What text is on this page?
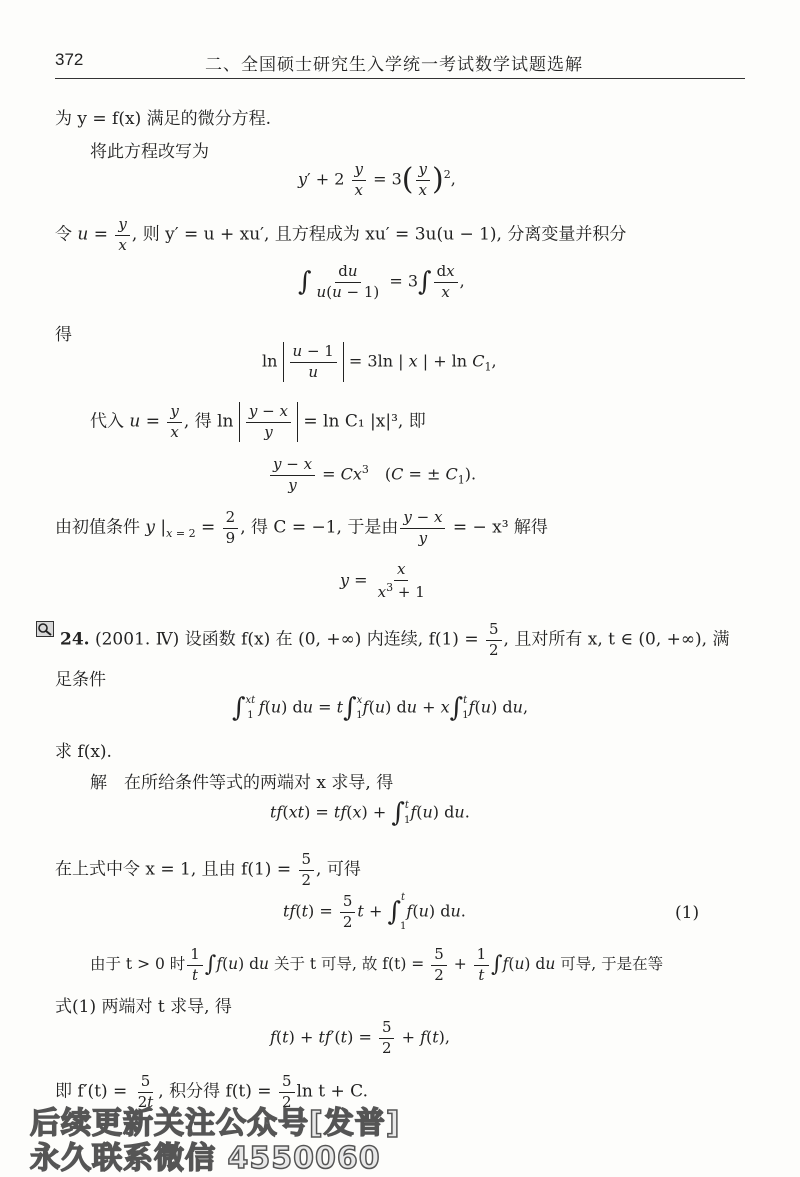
372	二、全国硕士研究生入学统一考试数学试题选解
为 y = f(x) 满足的微分方程.
将此方程改写为
$y' + 2 \frac{y}{x} = 3( \frac{y}{x} )^2$,
令 $u = \frac{y}{x}$ , 则 y′ = u + xu′, 且方程成为 xu′ = 3u(u − 1), 分离变量并积分
∫ $\frac{du}{u(u - 1)} = 3\int \frac{dx}{x}$ ,
得
$\ln \frac{u - 1}{u} = 3\ln$ | x | + $\ln C_1$,
代入 $u = \frac{y}{x}$ , 得 $\ln \frac{y - x}{y} = \ln C_1$ |x|³, 即
$\frac{y - x}{y} = Cx^3$　(C = ± $C_1$).
由初值条件 y $|_{x = 2} = \frac{2}{9}$ , 得 C = −1, 于是由 $\frac{y - x}{y}$ = − x³ 解得
$y = \frac{x}{x^3 + 1}$
24. (2001. Ⅳ) 设函数 f(x) 在 (0, +∞) 内连续, $f(1) = \frac{5}{2}$ , 且对所有 x, t ∈ (0, +∞), 满
足条件
∫$^{xt}$1 f(u) du = t∫$^x$1f(u) du + x∫$^t$1f(u) du,
求 f(x).
解　在所给条件等式的两端对 x 求导, 得
tf(xt) = tf(x) + ∫$^t$1f(u) du.
在上式中令 x = 1, 且由 $f(1) = \frac{5}{2}$ , 可得
$tf(t) = \frac{5}{2}$ t + ∫$^t$1f(u) du.	(1)
由于 t > 0 时 $\frac{1}{t} \int f(u)$ du 关于 t 可导, 故 $f(t) = \frac{5}{2} + \frac{1}{t} \int f(u)$ du 可导, 于是在等
式(1) 两端对 t 求导, 得
$f(t) + tf'(t) = \frac{5}{2} + f(t)$,
即 $f'(t) = \frac{5}{2t}$ , 积分得 $f(t) = \frac{5}{2}$ ln t + C.
后续更新关注公众号[发普]
永久联系微信 4550060
